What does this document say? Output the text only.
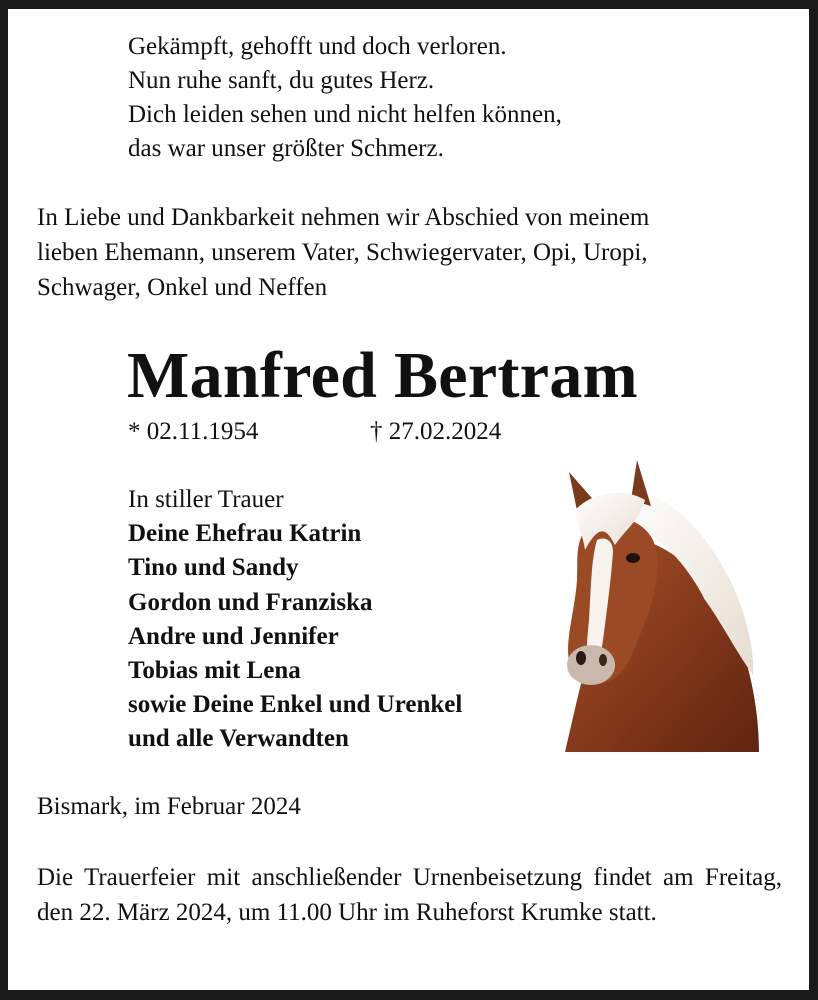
Gekämpft, gehofft und doch verloren.
Nun ruhe sanft, du gutes Herz.
Dich leiden sehen und nicht helfen können,
das war unser größter Schmerz.
In Liebe und Dankbarkeit nehmen wir Abschied von meinem
lieben Ehemann, unserem Vater, Schwiegervater, Opi, Uropi,
Schwager, Onkel und Neffen
Manfred Bertram
* 02.11.1954	† 27.02.2024
In stiller Trauer
Deine Ehefrau Katrin
Tino und Sandy
Gordon und Franziska
Andre und Jennifer
Tobias mit Lena
sowie Deine Enkel und Urenkel
und alle Verwandten
Bismark, im Februar 2024

Die Trauerfeier mit anschließender Urnenbeisetzung findet am Freitag, den 22. März 2024, um 11.00 Uhr im Ruheforst Krumke statt.
